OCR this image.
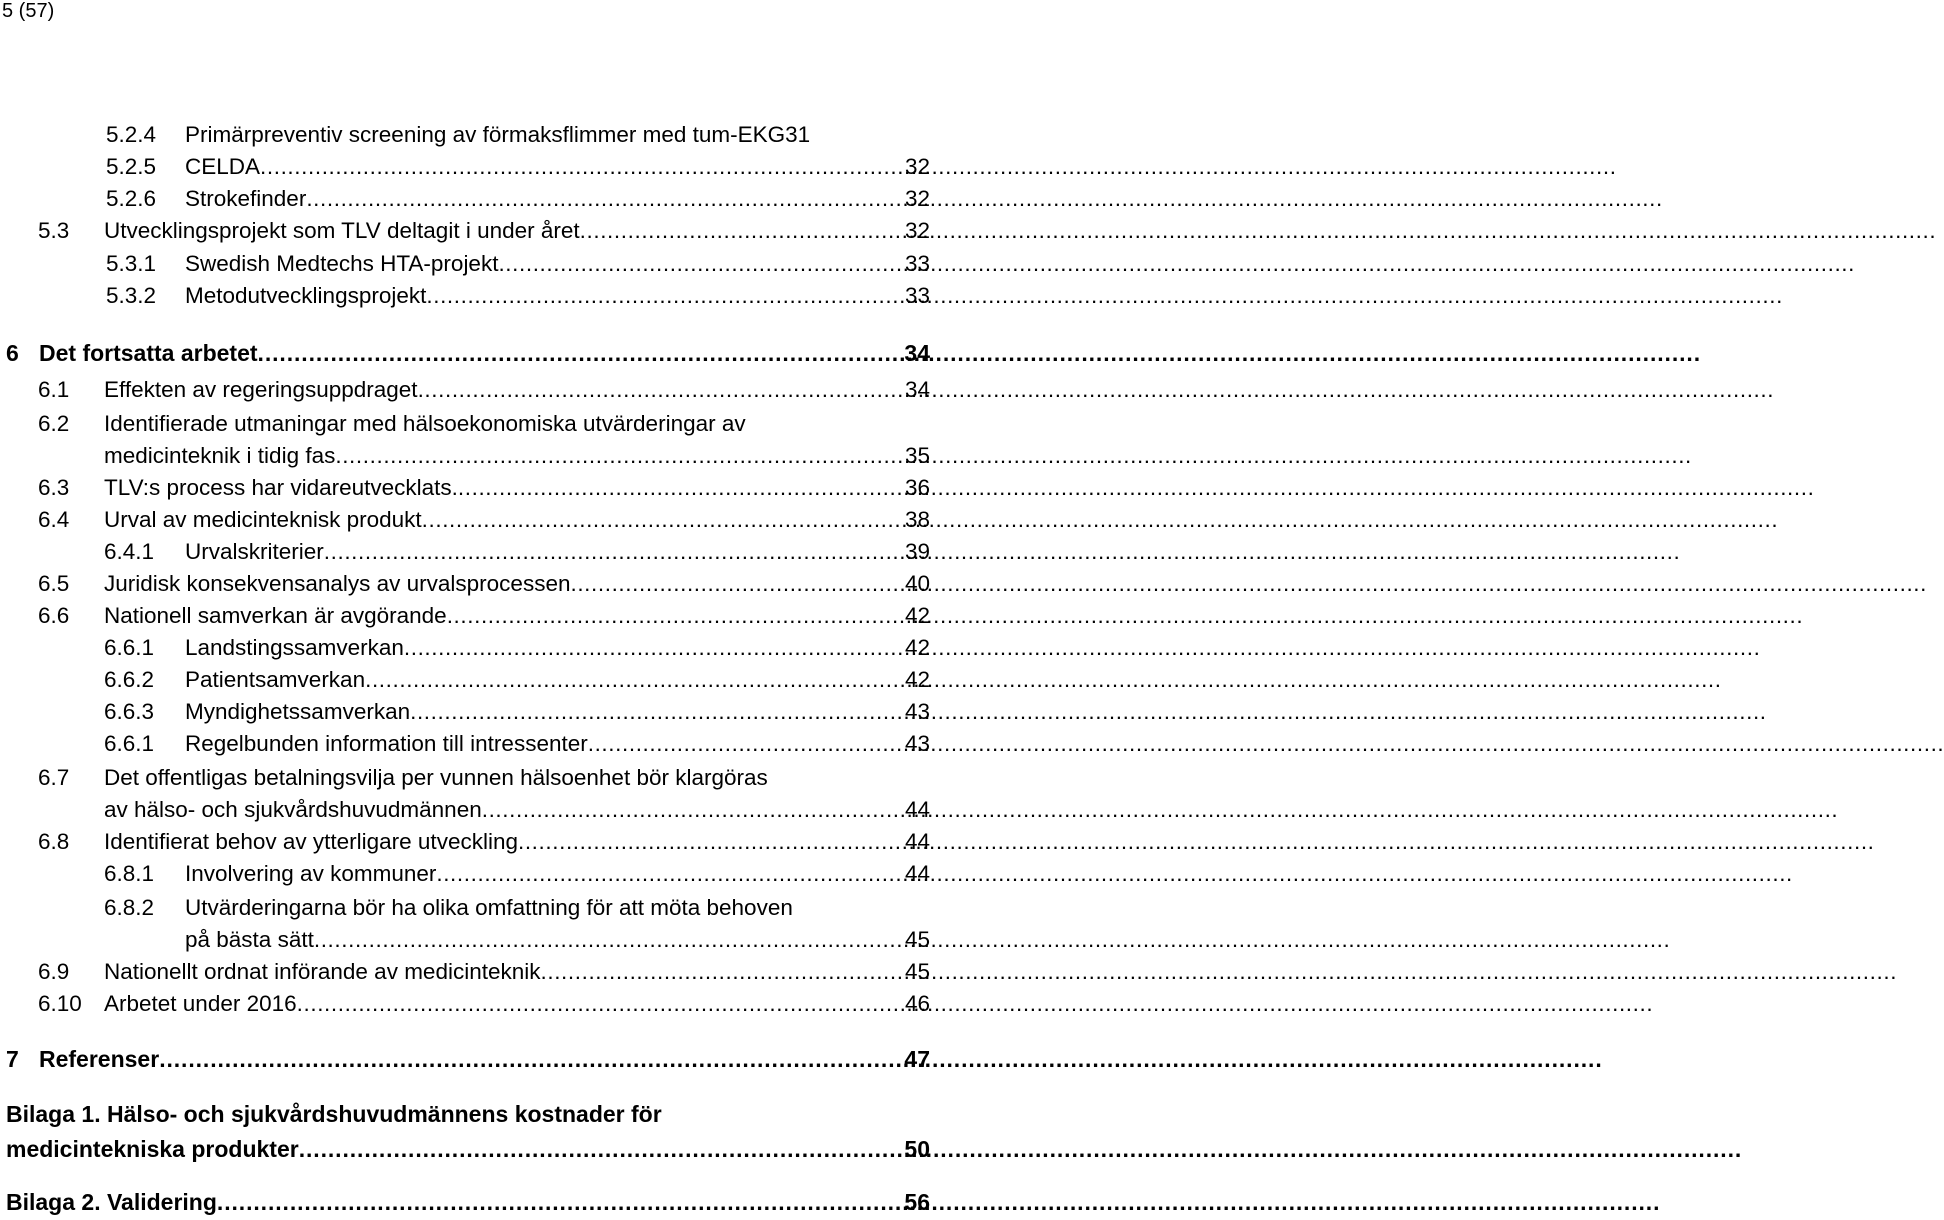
5 (57)
5.2.4	Primärpreventiv screening av förmaksflimmer med tum-EKG 31
5.2.5	CELDA .....	32
5.2.6	Strokefinder .....	32
5.3	Utvecklingsprojekt som TLV deltagit i under året .....	32
5.3.1	Swedish Medtechs HTA-projekt .....	33
5.3.2	Metodutvecklingsprojekt .....	33
6 Det fortsatta arbetet .....	34
6.1	Effekten av regeringsuppdraget .....	34
6.2 Identifierade utmaningar med hälsoekonomiska utvärderingar av
medicinteknik i tidig fas .....	35
6.3	TLV:s process har vidareutvecklats. .....	36
6.4	Urval av medicinteknisk produkt .....	38
6.4.1	Urvalskriterier .....	39
6.5	Juridisk konsekvensanalys av urvalsprocessen .....	40
6.6	Nationell samverkan är avgörande .....	42
6.6.1	Landstingssamverkan .....	42
6.6.2	Patientsamverkan .....	42
6.6.3	Myndighetssamverkan .....	43
6.6.1	Regelbunden information till intressenter .....	43
6.7 Det offentligas betalningsvilja per vunnen hälsoenhet bör klargöras
av hälso- och sjukvårdshuvudmännen .....	44
6.8	Identifierat behov av ytterligare utveckling .....	44
6.8.1	Involvering av kommuner .....	44
6.8.2 Utvärderingarna bör ha olika omfattning för att möta behoven
på bästa sätt .....	45
6.9	Nationellt ordnat införande av medicinteknik .....	45
6.10 Arbetet under 2016 .....	46
7 Referenser .....	47
Bilaga 1. Hälso- och sjukvårdshuvudmännens kostnader för
medicintekniska produkter .....	50
Bilaga 2. Validering .....	56
